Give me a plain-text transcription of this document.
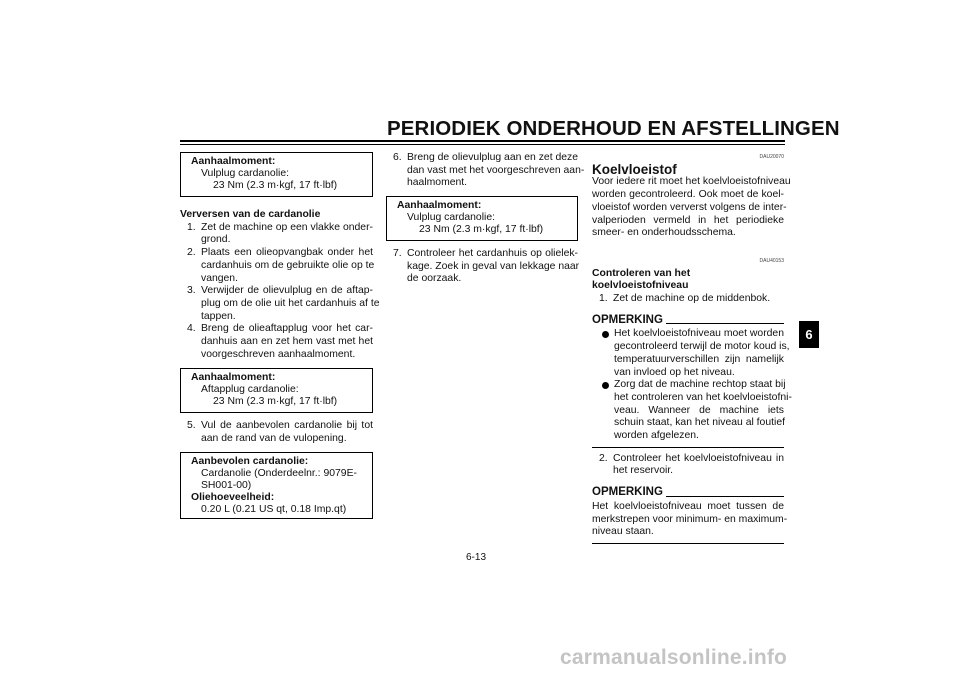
PERIODIEK ONDERHOUD EN AFSTELLINGEN
6
Aanhaalmoment:
Vulplug cardanolie:
23 Nm (2.3 m·kgf, 17 ft·lbf)
Verversen van de cardanolie
1. Zet de machine op een vlakke onder-
grond.
2. Plaats een olieopvangbak onder het
cardanhuis om de gebruikte olie op te
vangen.
3. Verwijder de olievulplug en de aftap-
plug om de olie uit het cardanhuis af te
tappen.
4. Breng de olieaftapplug voor het car-
danhuis aan en zet hem vast met het
voorgeschreven aanhaalmoment.
Aanhaalmoment:
Aftapplug cardanolie:
23 Nm (2.3 m·kgf, 17 ft·lbf)
5. Vul de aanbevolen cardanolie bij tot
aan de rand van de vulopening.
Aanbevolen cardanolie:
Cardanolie (Onderdeelnr.: 9079E-
SH001-00)
Oliehoeveelheid:
0.20 L (0.21 US qt, 0.18 Imp.qt)
6. Breng de olievulplug aan en zet deze
dan vast met het voorgeschreven aan-
haalmoment.
Aanhaalmoment:
Vulplug cardanolie:
23 Nm (2.3 m·kgf, 17 ft·lbf)
7. Controleer het cardanhuis op olielek-
kage. Zoek in geval van lekkage naar
de oorzaak.
DAU20070
Koelvloeistof
Voor iedere rit moet het koelvloeistofniveau
worden gecontroleerd. Ook moet de koel-
vloeistof worden ververst volgens de inter-
valperioden vermeld in het periodieke
smeer- en onderhoudsschema.
DAU40153
Controleren van het koelvloeistofniveau
1. Zet de machine op de middenbok.
OPMERKING
Het koelvloeistofniveau moet worden
gecontroleerd terwijl de motor koud is,
temperatuurverschillen zijn namelijk
van invloed op het niveau.
Zorg dat de machine rechtop staat bij
het controleren van het koelvloeistofni-
veau. Wanneer de machine iets
schuin staat, kan het niveau al foutief
worden afgelezen.
2. Controleer het koelvloeistofniveau in
het reservoir.
OPMERKING
Het koelvloeistofniveau moet tussen de
merkstrepen voor minimum- en maximum-
niveau staan.
6-13
carmanualsonline.info
